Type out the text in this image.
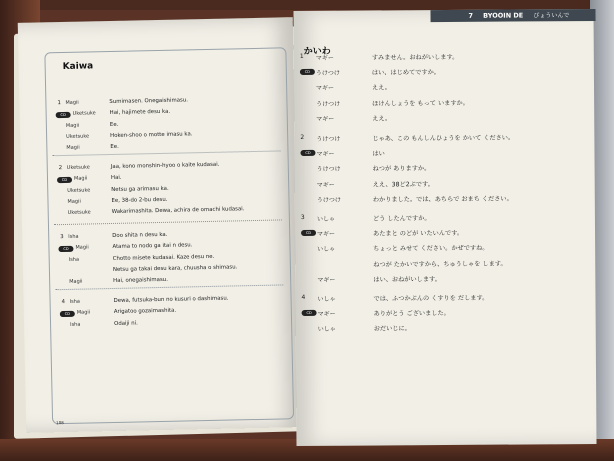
Kaiwa
1 Magii	Sumimasen. Onegaishimasu.
CD	Uketsuke	Hai, hajimete desu ka.
Magii	Ee.
Uketsuke	Hoken-shoo o motte imasu ka.
Magii	Ee.
2 Uketsuke	Jaa, kono monshin-hyoo o kaite kudasai.
CD	Magii	Hai.
Uketsuke	Netsu ga arimasu ka.
Magii	Ee, 38-do 2-bu desu.
Uketsuke	Wakarimashita. Dewa, achira de omachi kudasai.
3 Isha	Doo shita n desu ka.
CD	Magii	Atama to nodo ga itai n desu.
Isha	Chotto misete kudasai. Kaze desu ne.
Netsu ga takai desu kara, chuusha o shimasu.
Magii	Hai, onegaishimasu.
4 Isha	Dewa, futsuka-bun no kusuri o dashimasu.
CD	Magii	Arigatoo gozaimashita.
Isha	Odaiji ni.
108
7 BYOOIN DE びょういんで
かいわ
1 マギー	すみません。おねがいします。
CD うけつけ	はい、はじめてですか。
マギー	ええ。
うけつけ	ほけんしょうを もって いますか。
マギー	ええ。
2 うけつけ	じゃあ、この もんしんひょうを かいて ください。
CD マギー	はい
うけつけ	ねつが ありますか。
マギー	ええ、38ど2ぶです。
うけつけ	わかりました。では、あちらで おまち ください。
3 いしゃ	どう したんですか。
CD マギー	あたまと のどが いたいんです。
いしゃ	ちょっと みせて ください。かぜですね。
ねつが たかいですから、ちゅうしゃを します。
マギー	はい、おねがいします。
4 いしゃ	では、ふつかぶんの くすりを だします。
CD マギー	ありがとう ございました。
いしゃ	おだいじに。
